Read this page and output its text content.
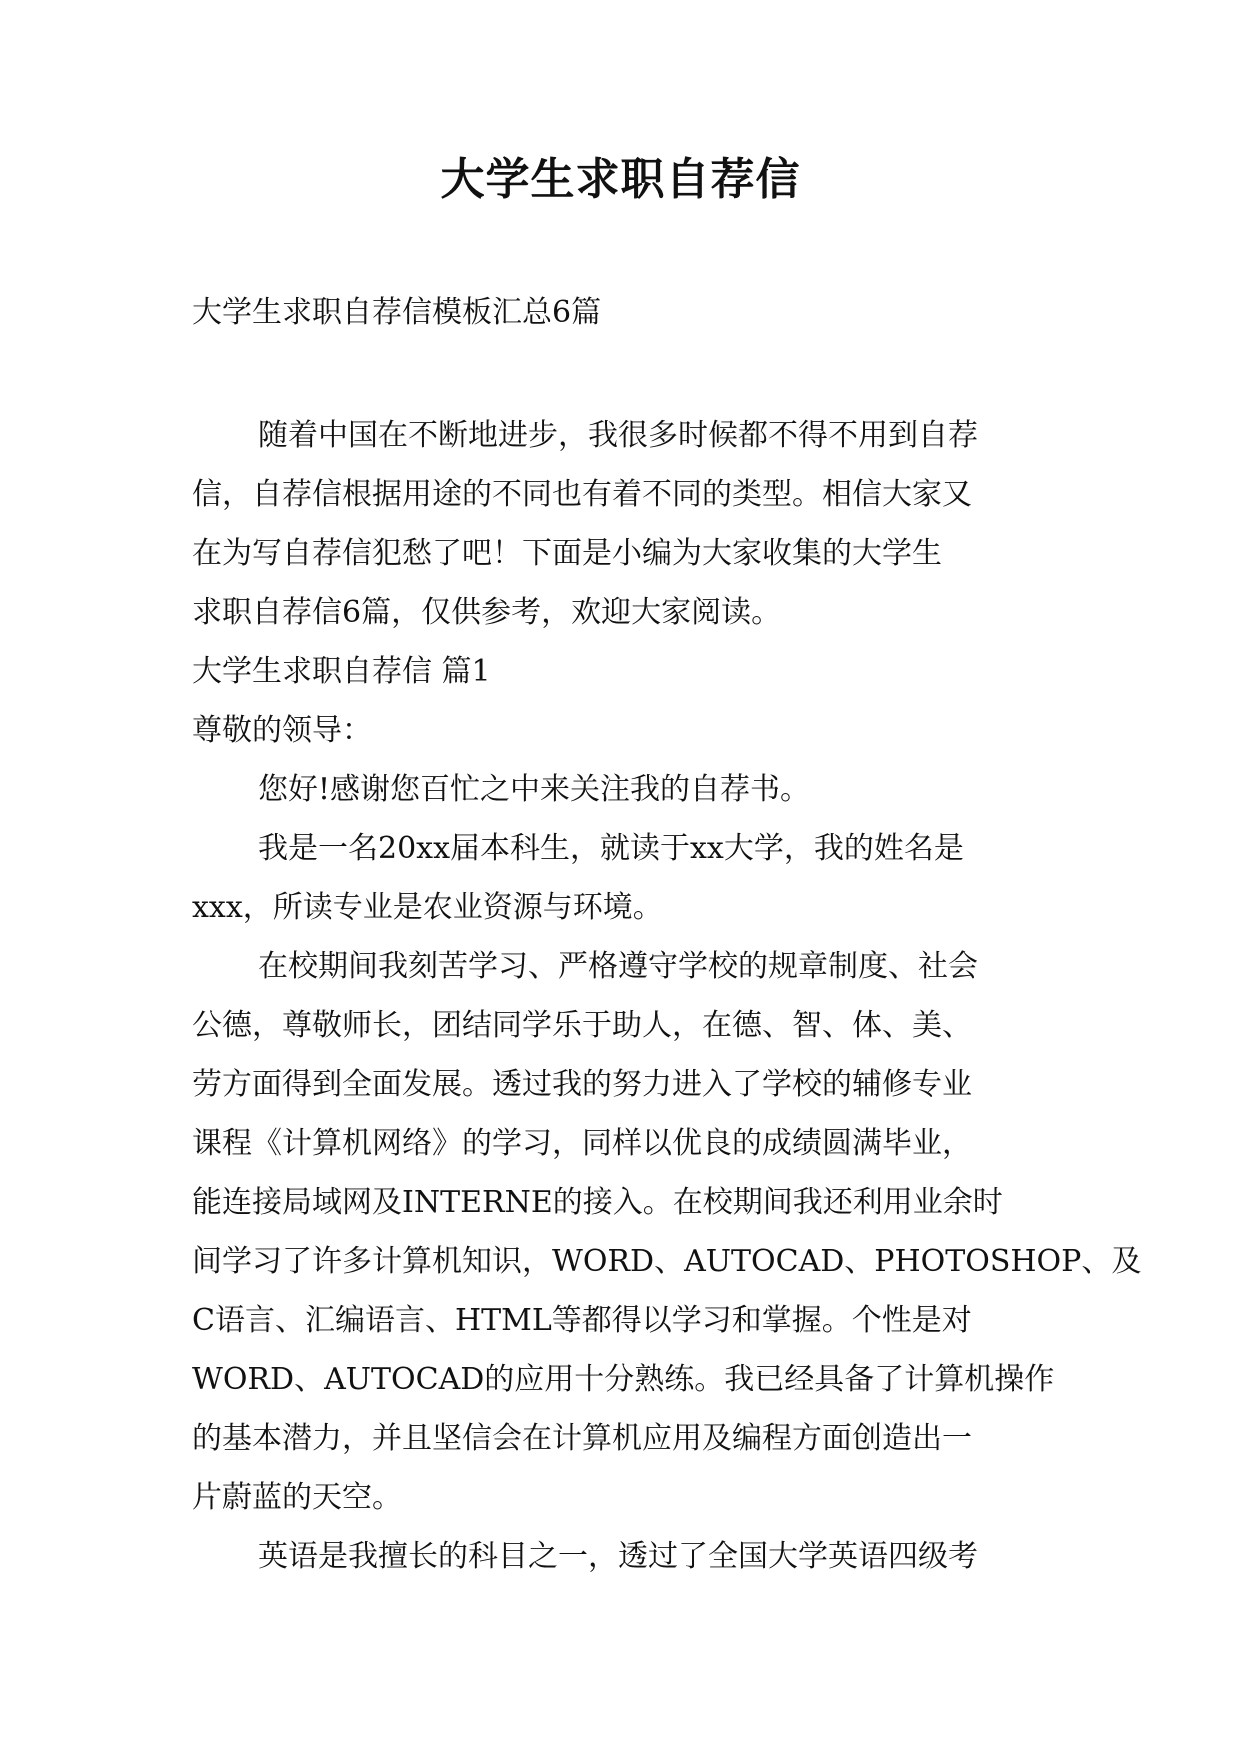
大学生求职自荐信
大学生求职自荐信模板汇总6篇
随着中国在不断地进步，我很多时候都不得不用到自荐
信，自荐信根据用途的不同也有着不同的类型。相信大家又
在为写自荐信犯愁了吧！下面是小编为大家收集的大学生
求职自荐信6篇，仅供参考，欢迎大家阅读。
大学生求职自荐信 篇1
尊敬的领导：
您好!感谢您百忙之中来关注我的自荐书。
我是一名20xx届本科生，就读于xx大学，我的姓名是
xxx，所读专业是农业资源与环境。
在校期间我刻苦学习、严格遵守学校的规章制度、社会
公德，尊敬师长，团结同学乐于助人，在德、智、体、美、
劳方面得到全面发展。透过我的努力进入了学校的辅修专业
课程《计算机网络》的学习，同样以优良的成绩圆满毕业，
能连接局域网及INTERNE的接入。在校期间我还利用业余时
间学习了许多计算机知识，WORD、AUTOCAD、PHOTOSHOP、及
C语言、汇编语言、HTML等都得以学习和掌握。个性是对
WORD、AUTOCAD的应用十分熟练。我已经具备了计算机操作
的基本潜力，并且坚信会在计算机应用及编程方面创造出一
片蔚蓝的天空。
英语是我擅长的科目之一，透过了全国大学英语四级考
